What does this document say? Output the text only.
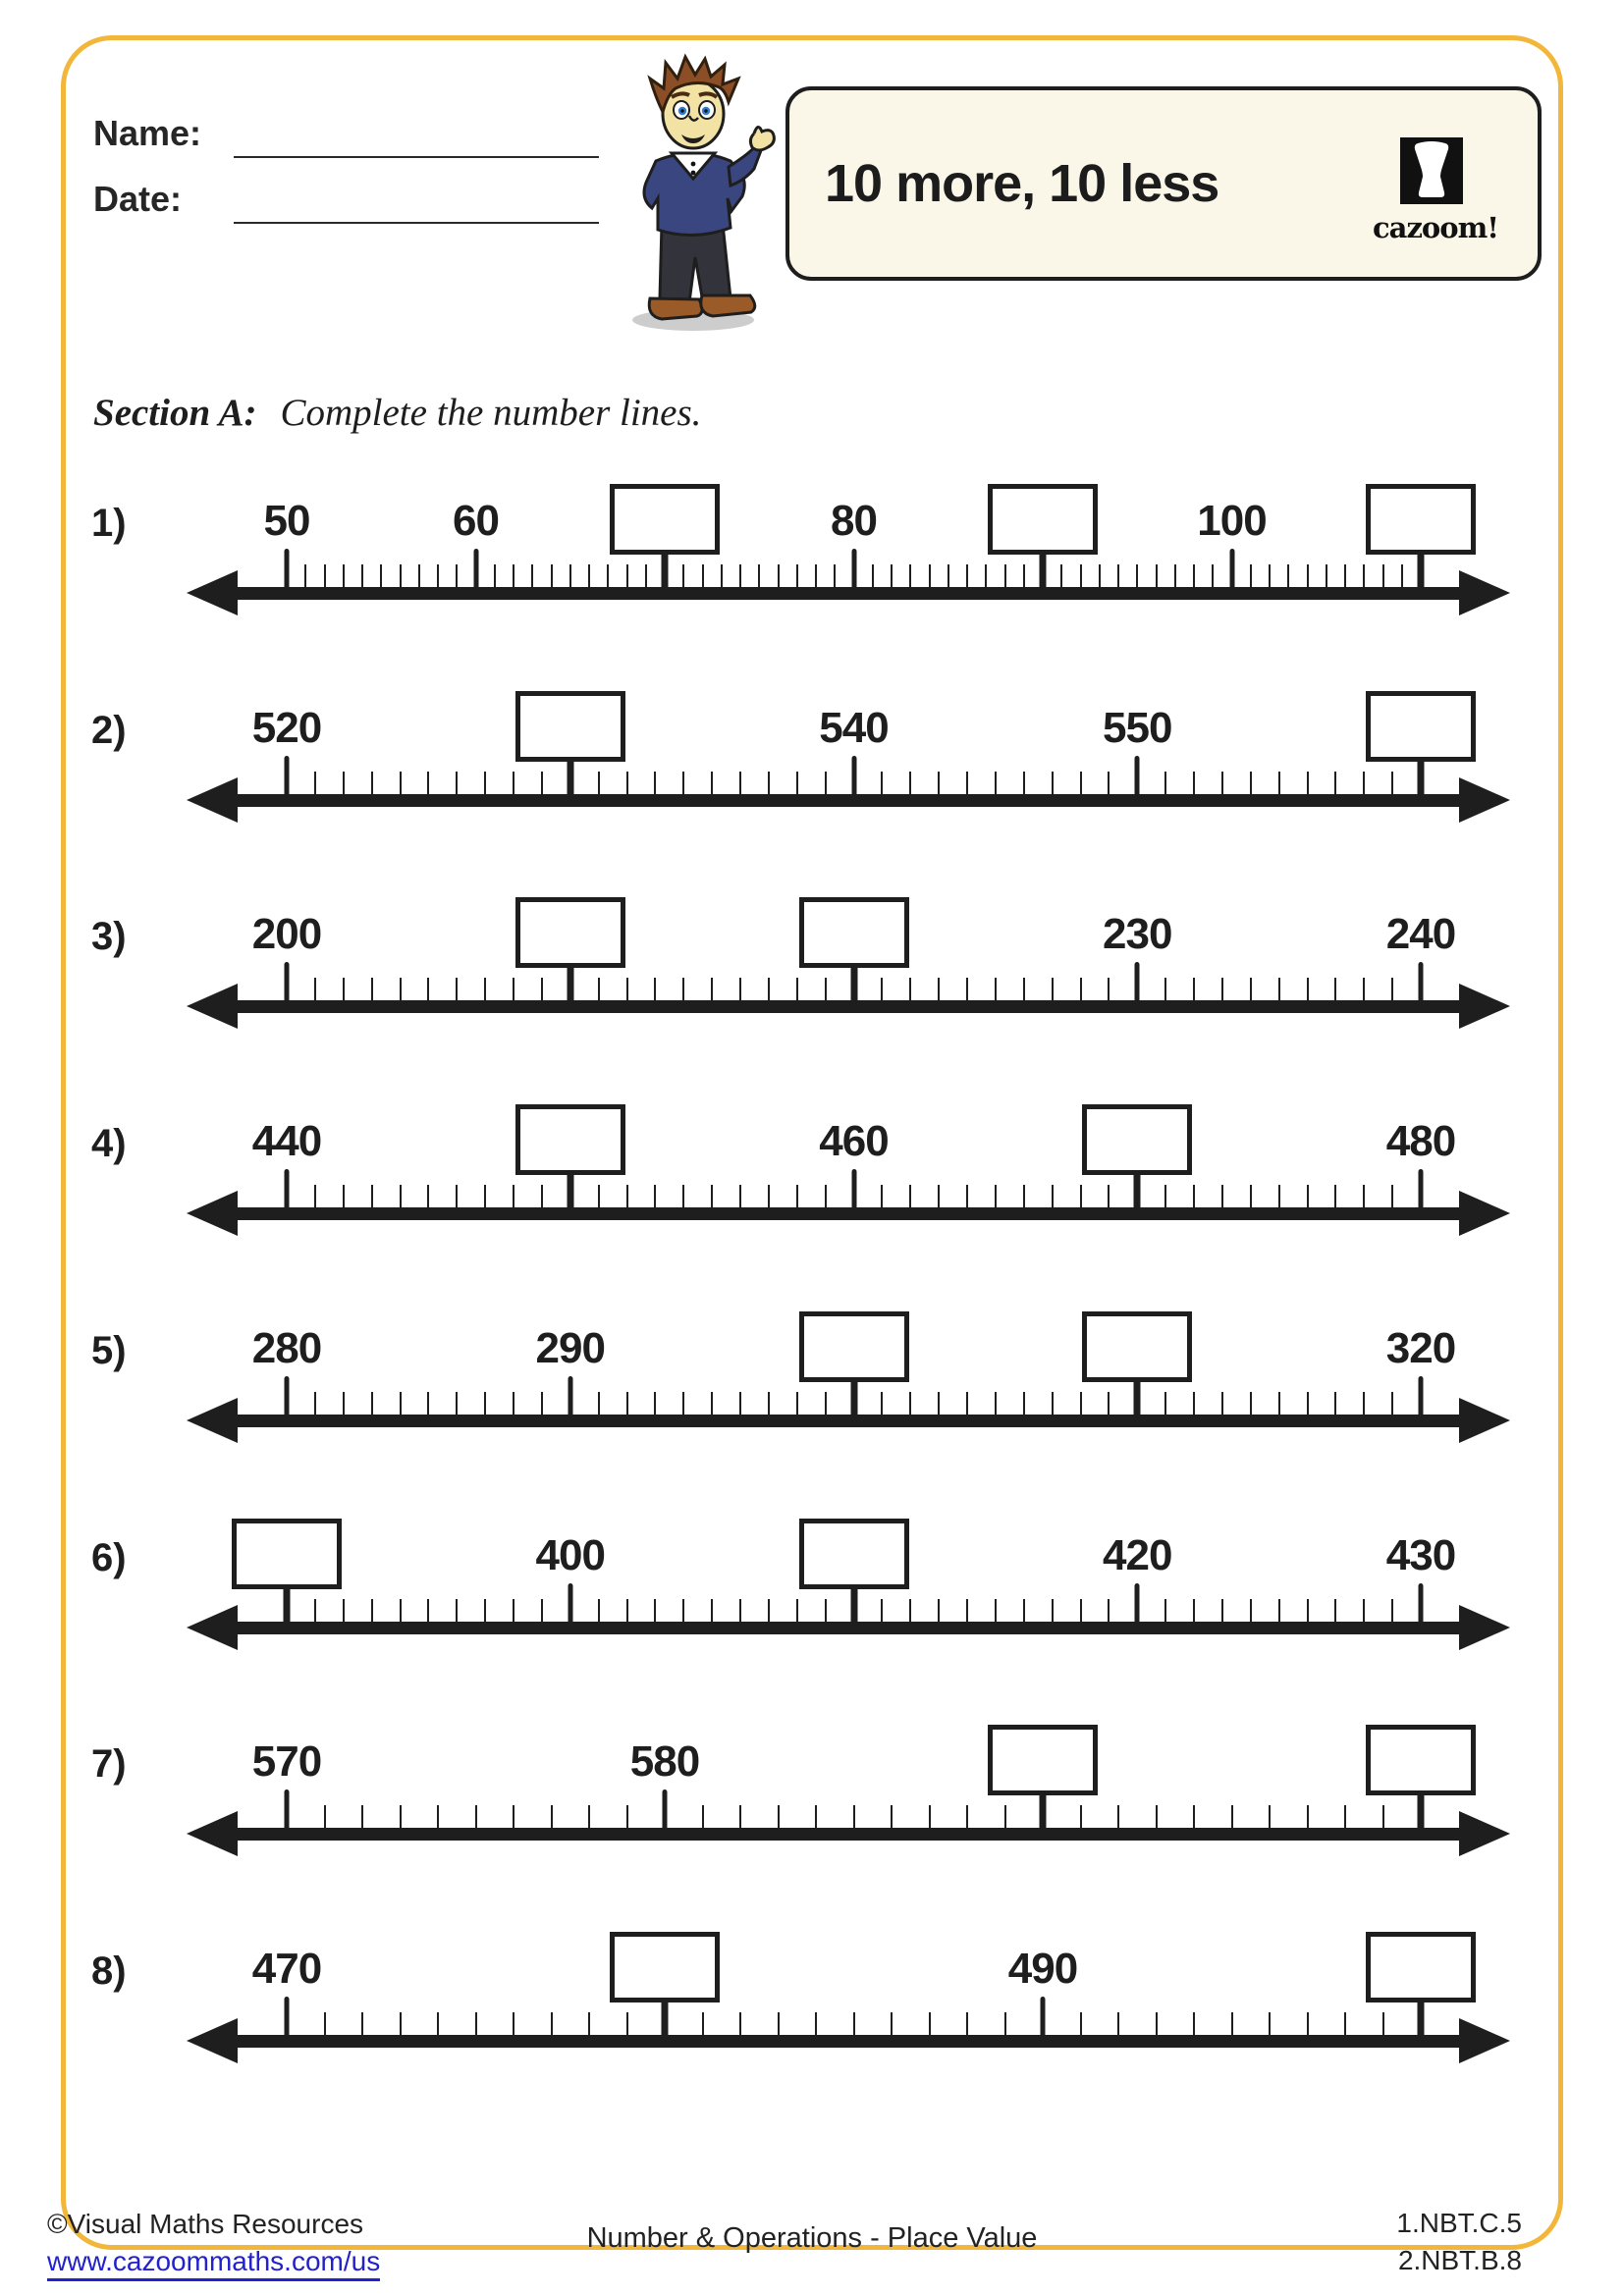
Name:
Date:	10 more, 10 less
cazoom!
Section A: Complete the number lines.
1)	50	60	80	100
2)	520	540	550
3)	200	230	240
4)	440	460	480
5)	280	290	320
6)	400	420	430
7)	570	580
8)	470	490
©Visual Maths Resources
www.cazoommaths.com/us
Number & Operations - Place Value	1.NBT.C.5
2.NBT.B.8
